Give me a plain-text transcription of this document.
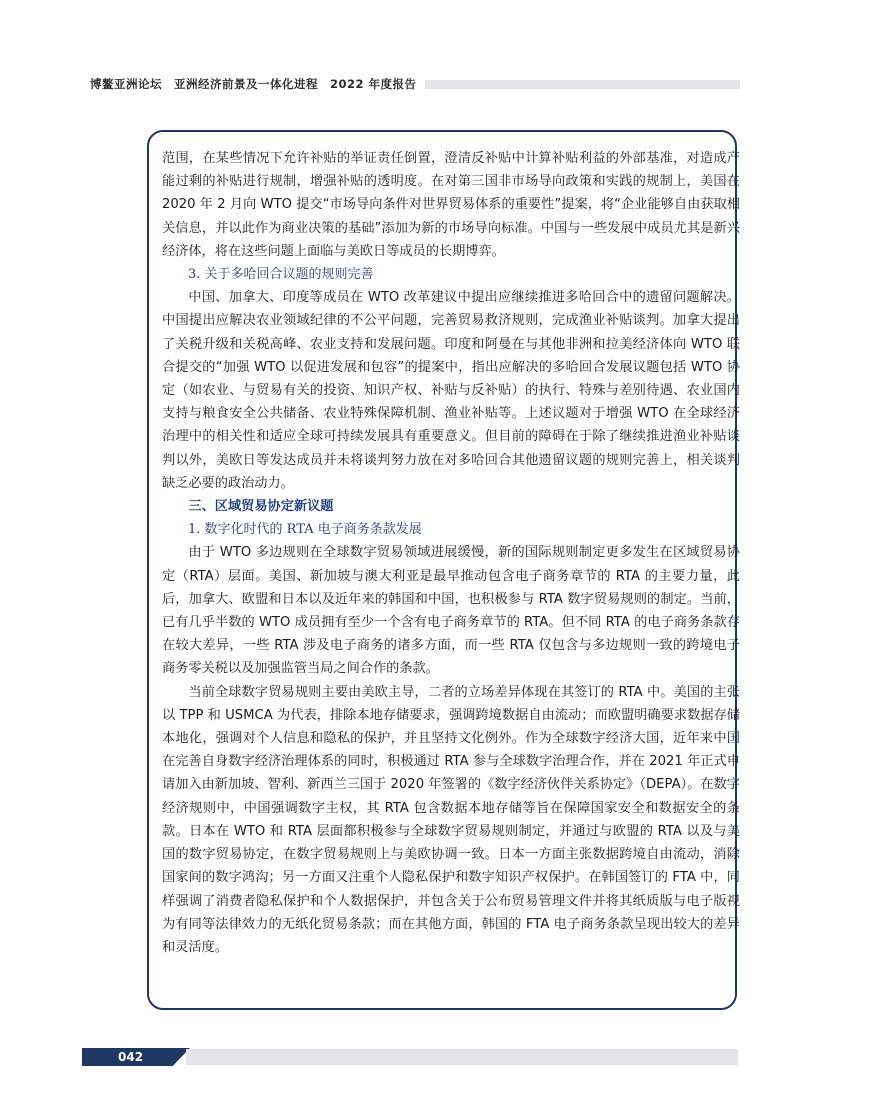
博鳌亚洲论坛　亚洲经济前景及一体化进程　2022 年度报告

范围，在某些情况下允许补贴的举证责任倒置，澄清反补贴中计算补贴利益的外部基准，对造成产能过剩的补贴进行规制，增强补贴的透明度。在对第三国非市场导向政策和实践的规制上，美国在 2020 年 2 月向 WTO 提交“市场导向条件对世界贸易体系的重要性”提案，将“企业能够自由获取相关信息，并以此作为商业决策的基础”添加为新的市场导向标准。中国与一些发展中成员尤其是新兴经济体，将在这些问题上面临与美欧日等成员的长期博弈。

3. 关于多哈回合议题的规则完善

中国、加拿大、印度等成员在 WTO 改革建议中提出应继续推进多哈回合中的遗留问题解决。中国提出应解决农业领域纪律的不公平问题，完善贸易救济规则，完成渔业补贴谈判。加拿大提出了关税升级和关税高峰、农业支持和发展问题。印度和阿曼在与其他非洲和拉美经济体向 WTO 联合提交的“加强 WTO 以促进发展和包容”的提案中，指出应解决的多哈回合发展议题包括 WTO 协定（如农业、与贸易有关的投资、知识产权、补贴与反补贴）的执行、特殊与差别待遇、农业国内支持与粮食安全公共储备、农业特殊保障机制、渔业补贴等。上述议题对于增强 WTO 在全球经济治理中的相关性和适应全球可持续发展具有重要意义。但目前的障碍在于除了继续推进渔业补贴谈判以外，美欧日等发达成员并未将谈判努力放在对多哈回合其他遗留议题的规则完善上，相关谈判缺乏必要的政治动力。

三、区域贸易协定新议题

1. 数字化时代的 RTA 电子商务条款发展

由于 WTO 多边规则在全球数字贸易领域进展缓慢，新的国际规则制定更多发生在区域贸易协定（RTA）层面。美国、新加坡与澳大利亚是最早推动包含电子商务章节的 RTA 的主要力量，此后，加拿大、欧盟和日本以及近年来的韩国和中国，也积极参与 RTA 数字贸易规则的制定。当前，已有几乎半数的 WTO 成员拥有至少一个含有电子商务章节的 RTA。但不同 RTA 的电子商务条款存在较大差异，一些 RTA 涉及电子商务的诸多方面，而一些 RTA 仅包含与多边规则一致的跨境电子商务零关税以及加强监管当局之间合作的条款。

当前全球数字贸易规则主要由美欧主导，二者的立场差异体现在其签订的 RTA 中。美国的主张以 TPP 和 USMCA 为代表，排除本地存储要求，强调跨境数据自由流动；而欧盟明确要求数据存储本地化，强调对个人信息和隐私的保护，并且坚持文化例外。作为全球数字经济大国，近年来中国在完善自身数字经济治理体系的同时，积极通过 RTA 参与全球数字治理合作，并在 2021 年正式申请加入由新加坡、智利、新西兰三国于 2020 年签署的《数字经济伙伴关系协定》（DEPA）。在数字经济规则中，中国强调数字主权，其 RTA 包含数据本地存储等旨在保障国家安全和数据安全的条款。日本在 WTO 和 RTA 层面都积极参与全球数字贸易规则制定，并通过与欧盟的 RTA 以及与美国的数字贸易协定，在数字贸易规则上与美欧协调一致。日本一方面主张数据跨境自由流动，消除国家间的数字鸿沟；另一方面又注重个人隐私保护和数字知识产权保护。在韩国签订的 FTA 中，同样强调了消费者隐私保护和个人数据保护，并包含关于公布贸易管理文件并将其纸质版与电子版视为有同等法律效力的无纸化贸易条款；而在其他方面，韩国的 FTA 电子商务条款呈现出较大的差异和灵活度。

042
